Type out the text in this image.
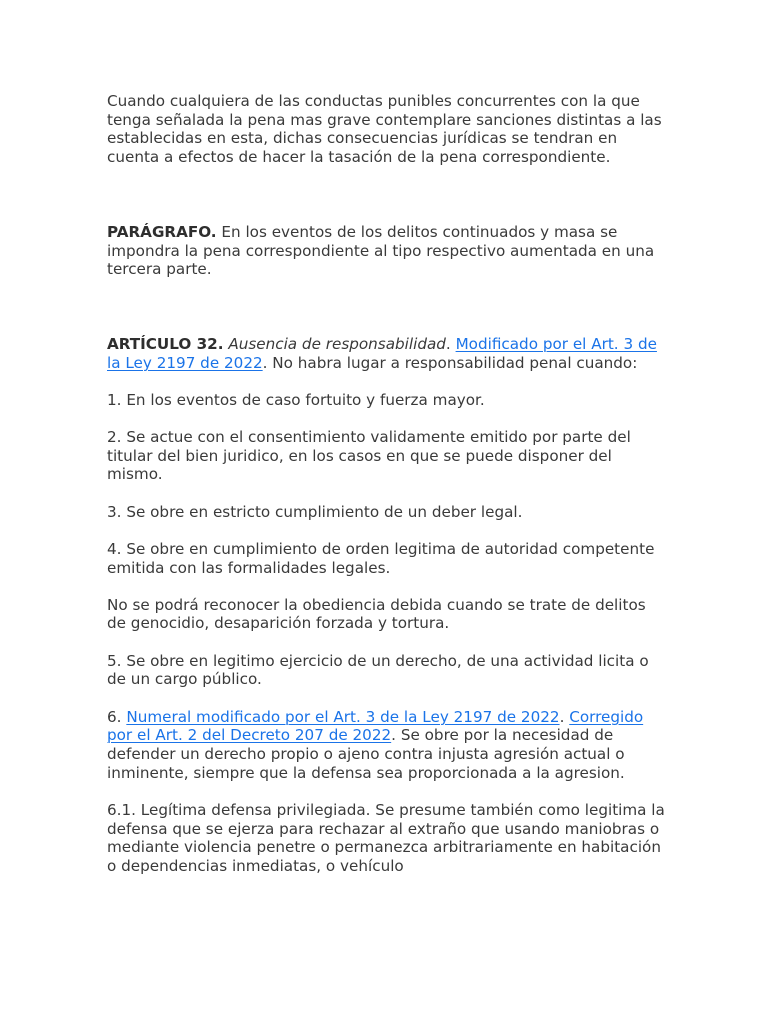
Cuando cualquiera de las conductas punibles concurrentes con la que tenga señalada la pena mas grave contemplare sanciones distintas a las establecidas en esta, dichas consecuencias jurídicas se tendran en cuenta a efectos de hacer la tasación de la pena correspondiente.

PARÁGRAFO. En los eventos de los delitos continuados y masa se impondra la pena correspondiente al tipo respectivo aumentada en una tercera parte.

ARTÍCULO 32. Ausencia de responsabilidad. Modificado por el Art. 3 de la Ley 2197 de 2022. No habra lugar a responsabilidad penal cuando:

1. En los eventos de caso fortuito y fuerza mayor.

2. Se actue con el consentimiento validamente emitido por parte del titular del bien juridico, en los casos en que se puede disponer del mismo.

3. Se obre en estricto cumplimiento de un deber legal.

4. Se obre en cumplimiento de orden legitima de autoridad competente emitida con las formalidades legales.

No se podrá reconocer la obediencia debida cuando se trate de delitos de genocidio, desaparición forzada y tortura.

5. Se obre en legitimo ejercicio de un derecho, de una actividad licita o de un cargo público.

6. Numeral modificado por el Art. 3 de la Ley 2197 de 2022. Corregido por el Art. 2 del Decreto 207 de 2022. Se obre por la necesidad de defender un derecho propio o ajeno contra injusta agresión actual o inminente, siempre que la defensa sea proporcionada a la agresion.

6.1. Legítima defensa privilegiada. Se presume también como legitima la defensa que se ejerza para rechazar al extraño que usando maniobras o mediante violencia penetre o permanezca arbitrariamente en habitación o dependencias inmediatas, o vehículo
